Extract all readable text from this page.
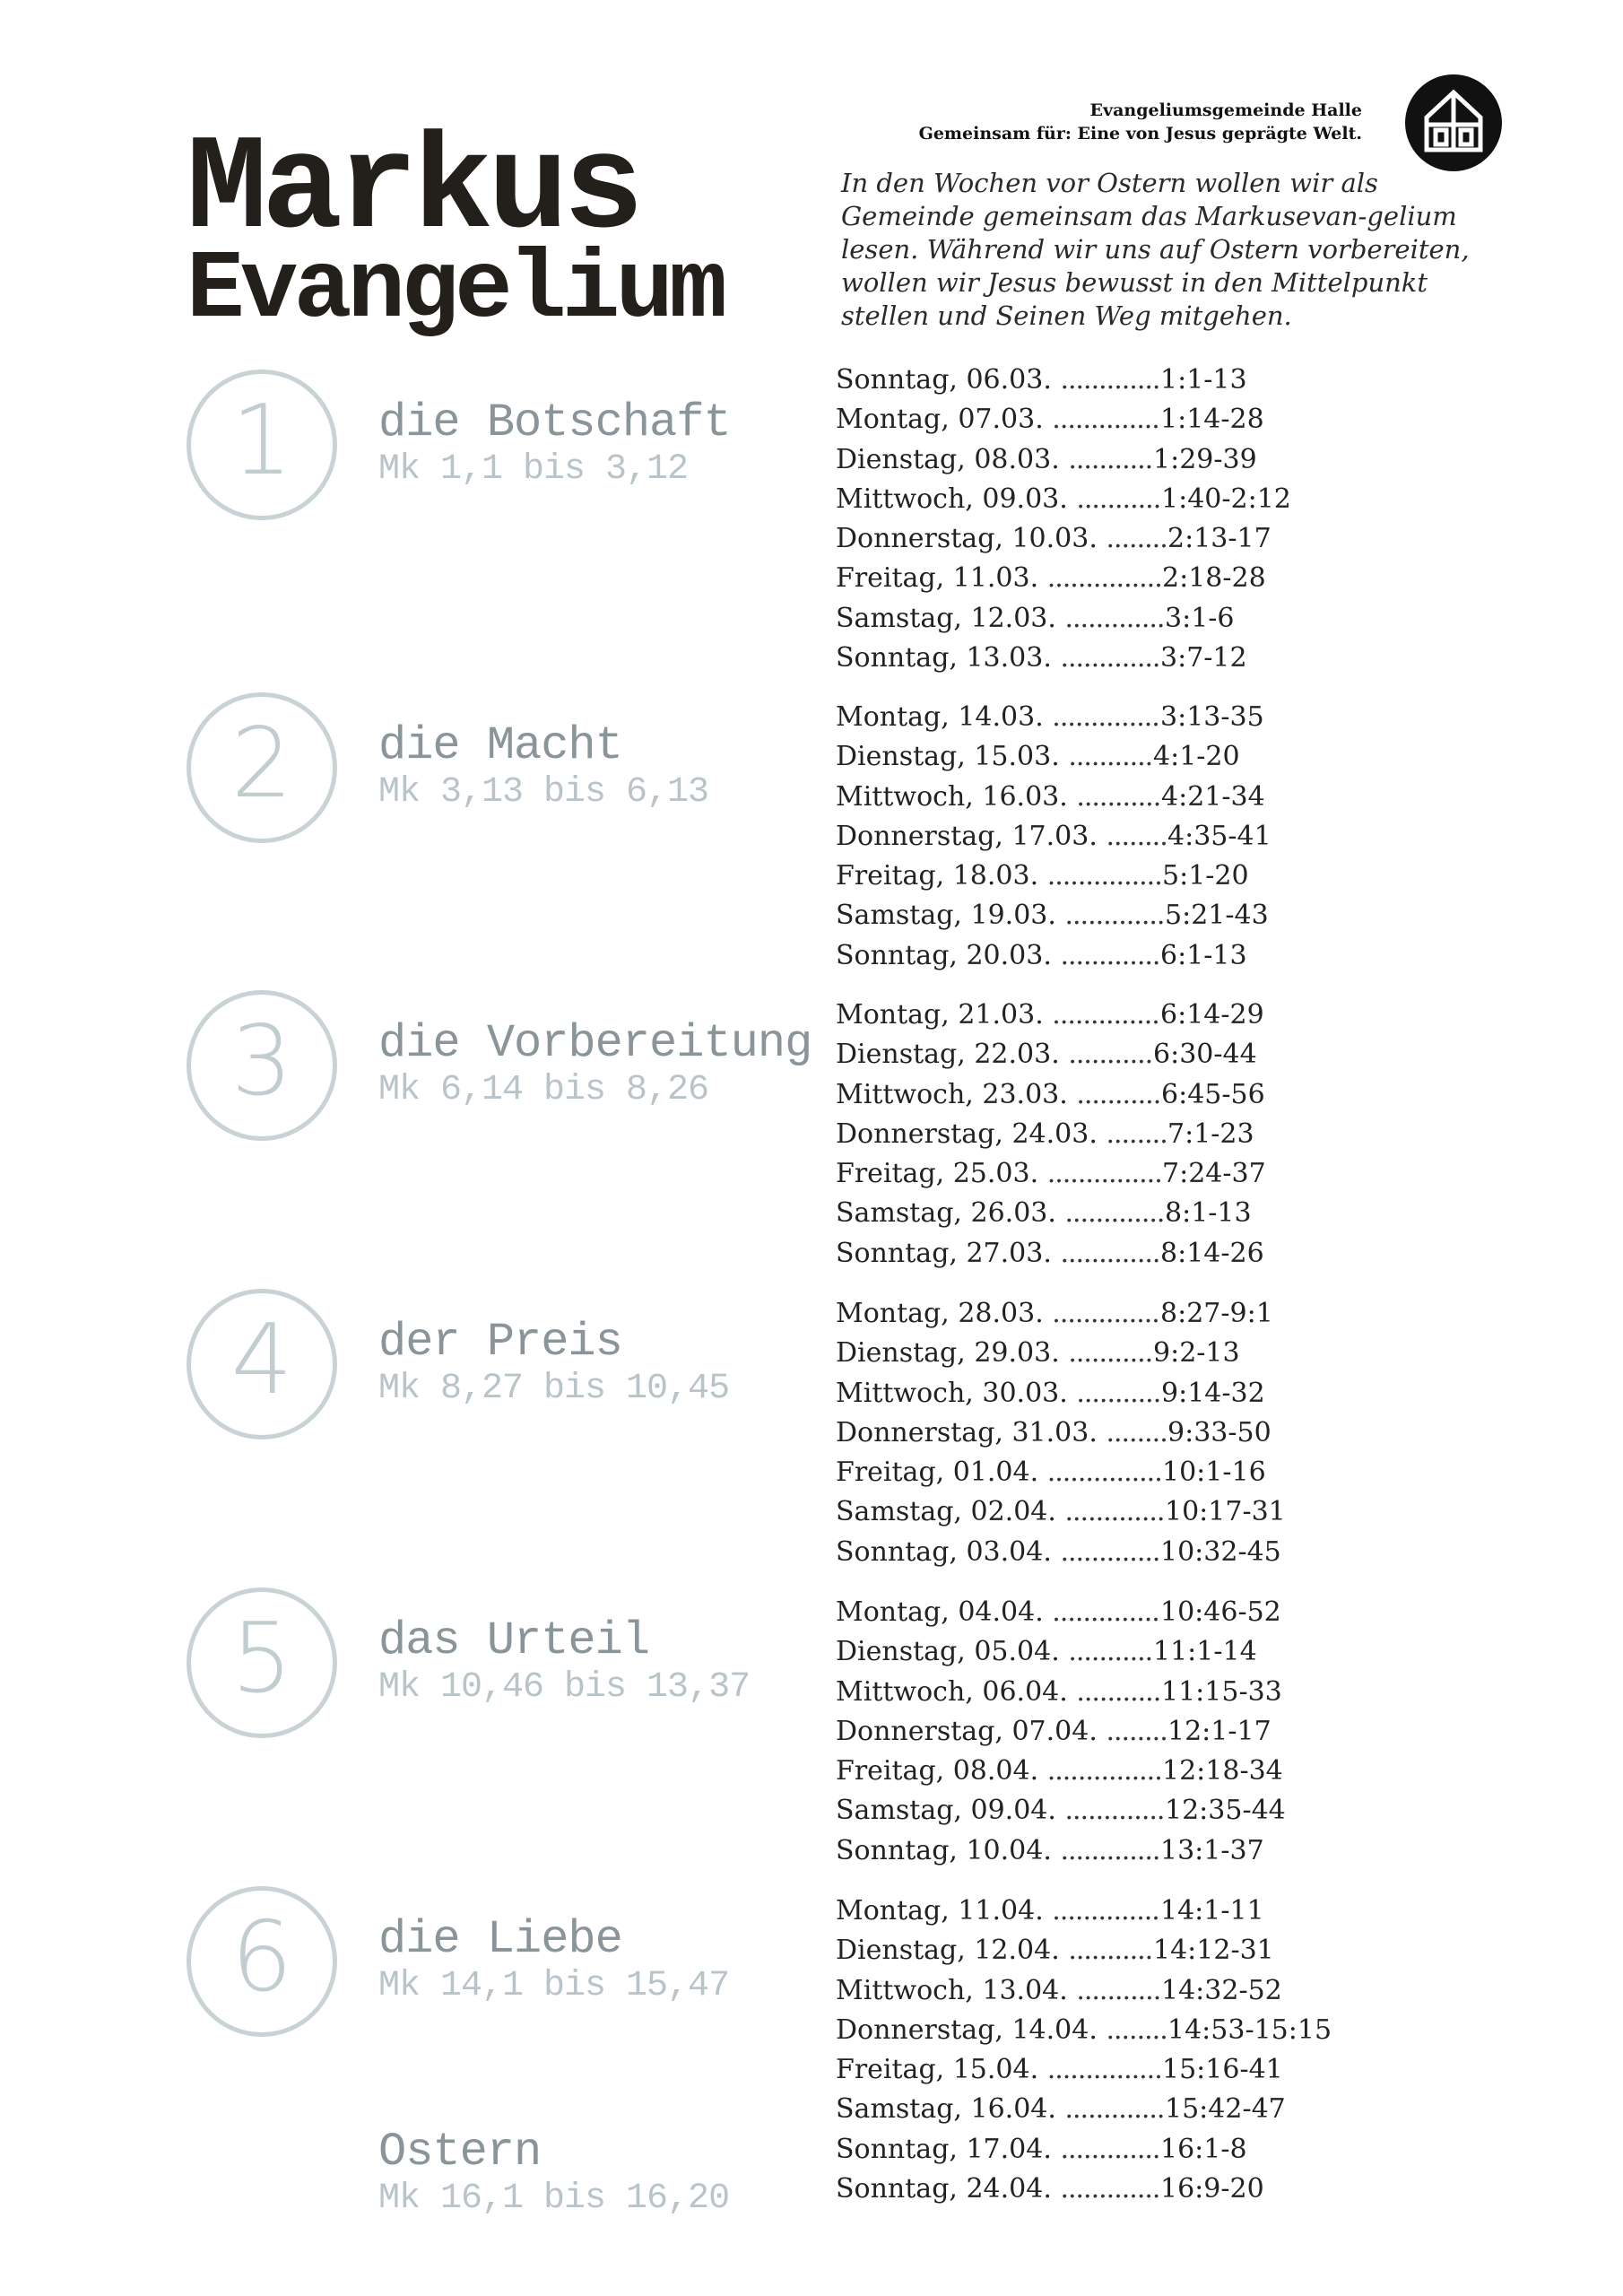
Evangeliumsgemeinde Halle
Gemeinsam für: Eine von Jesus geprägte Welt.
Markus
Evangelium

In den Wochen vor Ostern wollen wir als Gemeinde gemeinsam das Markusevan-gelium lesen. Während wir uns auf Ostern vorbereiten, wollen wir Jesus bewusst in den Mittelpunkt stellen und Seinen Weg mitgehen.

1 die Botschaft
Mk 1,1 bis 3,12
2 die Macht
Mk 3,13 bis 6,13
3 die Vorbereitung
Mk 6,14 bis 8,26
4 der Preis
Mk 8,27 bis 10,45
5 das Urteil
Mk 10,46 bis 13,37
6 die Liebe
Mk 14,1 bis 15,47
Ostern
Mk 16,1 bis 16,20
Sonntag, 06.03. ............. 1:1-13
Montag, 07.03. .............. 1:14-28
Dienstag, 08.03. ........... 1:29-39
Mittwoch, 09.03. ........... 1:40-2:12
Donnerstag, 10.03. ........ 2:13-17
Freitag, 11.03. ............... 2:18-28
Samstag, 12.03. ............. 3:1-6
Sonntag, 13.03. ............. 3:7-12
Montag, 14.03. .............. 3:13-35
Dienstag, 15.03. ........... 4:1-20
Mittwoch, 16.03. ........... 4:21-34
Donnerstag, 17.03. ........ 4:35-41
Freitag, 18.03. ............... 5:1-20
Samstag, 19.03. ............. 5:21-43
Sonntag, 20.03. ............. 6:1-13
Montag, 21.03. .............. 6:14-29
Dienstag, 22.03. ........... 6:30-44
Mittwoch, 23.03. ........... 6:45-56
Donnerstag, 24.03. ........ 7:1-23
Freitag, 25.03. ............... 7:24-37
Samstag, 26.03. ............. 8:1-13
Sonntag, 27.03. ............. 8:14-26
Montag, 28.03. .............. 8:27-9:1
Dienstag, 29.03. ........... 9:2-13
Mittwoch, 30.03. ........... 9:14-32
Donnerstag, 31.03. ........ 9:33-50
Freitag, 01.04. ............... 10:1-16
Samstag, 02.04. ............. 10:17-31
Sonntag, 03.04. ............. 10:32-45
Montag, 04.04. .............. 10:46-52
Dienstag, 05.04. ........... 11:1-14
Mittwoch, 06.04. ........... 11:15-33
Donnerstag, 07.04. ........ 12:1-17
Freitag, 08.04. ............... 12:18-34
Samstag, 09.04. ............. 12:35-44
Sonntag, 10.04. ............. 13:1-37
Montag, 11.04. .............. 14:1-11
Dienstag, 12.04. ........... 14:12-31
Mittwoch, 13.04. ........... 14:32-52
Donnerstag, 14.04. ........ 14:53-15:15
Freitag, 15.04. ............... 15:16-41
Samstag, 16.04. ............. 15:42-47
Sonntag, 17.04. ............. 16:1-8
Sonntag, 24.04. ............. 16:9-20
